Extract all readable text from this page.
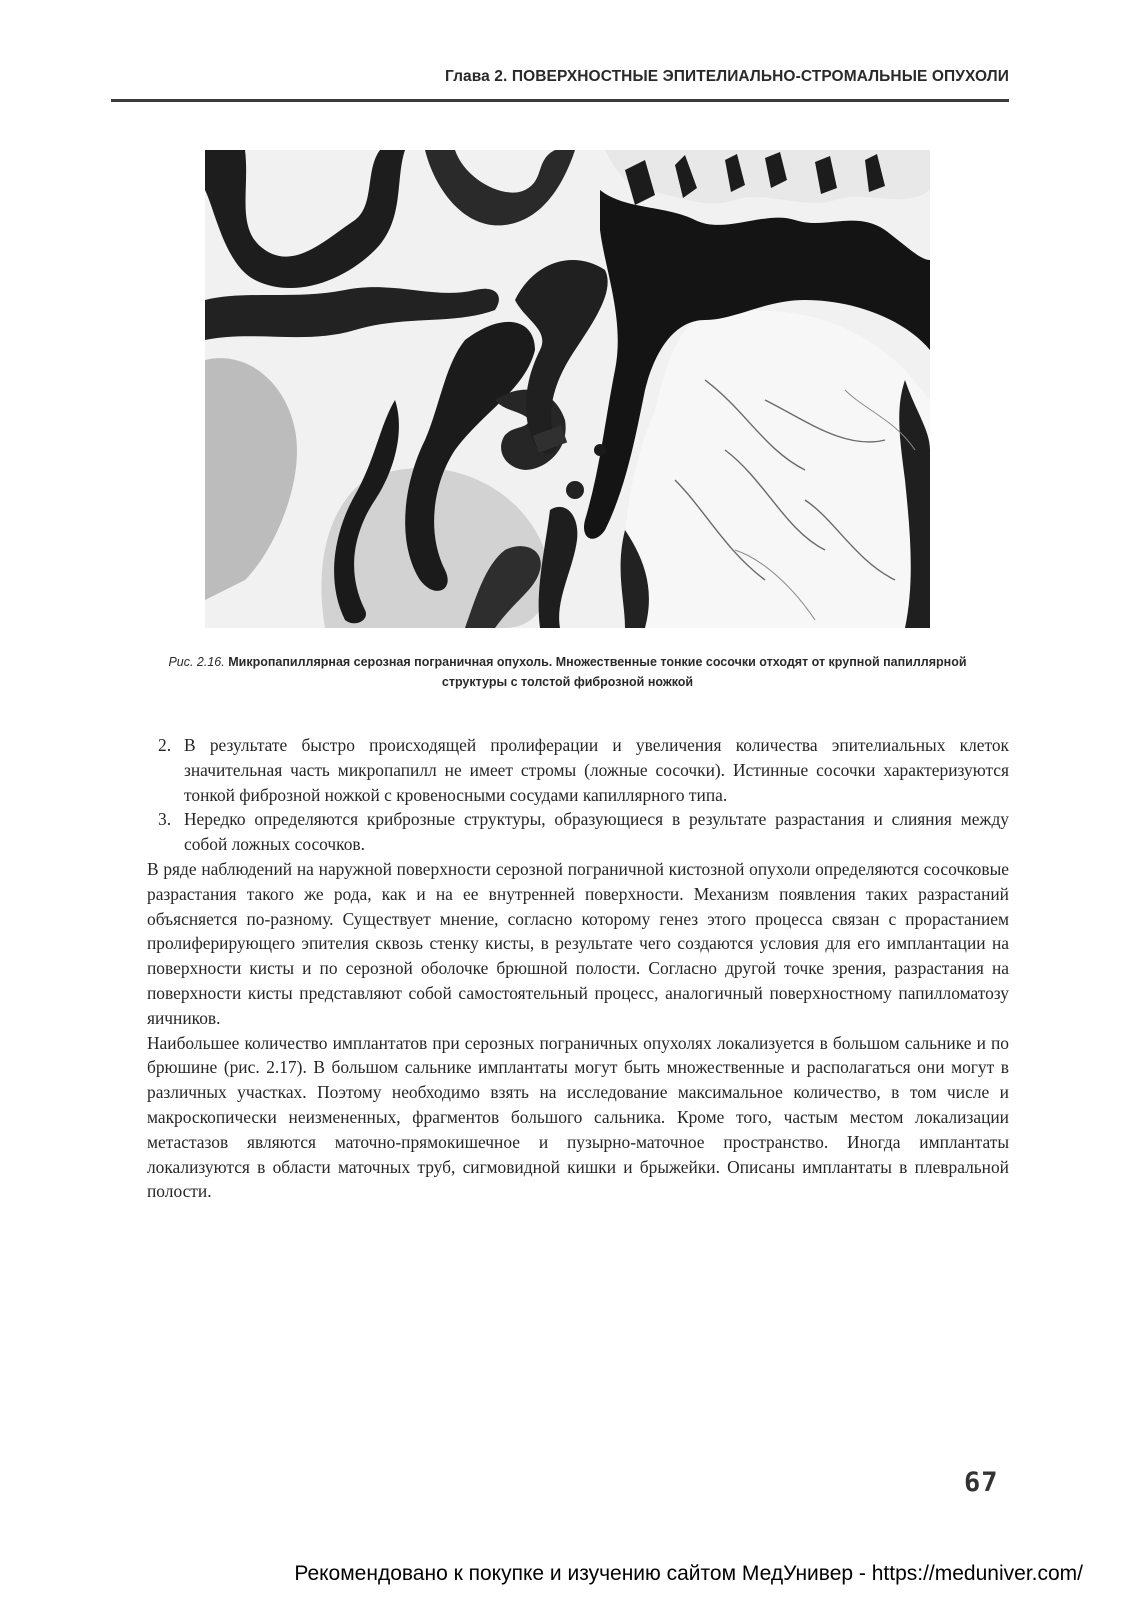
Глава 2. ПОВЕРХНОСТНЫЕ ЭПИТЕЛИАЛЬНО-СТРОМАЛЬНЫЕ ОПУХОЛИ
Рис. 2.16. Микропапиллярная серозная пограничная опухоль. Множественные тонкие сосочки отходят от крупной папиллярной структуры с толстой фиброзной ножкой
2. В результате быстро происходящей пролиферации и увеличения количества эпителиальных клеток значительная часть микропапилл не имеет стромы (ложные сосочки). Истинные сосочки характеризуются тонкой фиброзной ножкой с кровеносными сосудами капиллярного типа.
3. Нередко определяются криброзные структуры, образующиеся в результате разрастания и слияния между собой ложных сосочков.

В ряде наблюдений на наружной поверхности серозной пограничной кистозной опухоли определяются сосочковые разрастания такого же рода, как и на ее внутренней поверхности. Механизм появления таких разрастаний объясняется по-разному. Существует мнение, согласно которому генез этого процесса связан с прорастанием пролиферирующего эпителия сквозь стенку кисты, в результате чего создаются условия для его имплантации на поверхности кисты и по серозной оболочке брюшной полости. Согласно другой точке зрения, разрастания на поверхности кисты представляют собой самостоятельный процесс, аналогичный поверхностному папилломатозу яичников.

Наибольшее количество имплантатов при серозных пограничных опухолях локализуется в большом сальнике и по брюшине (рис. 2.17). В большом сальнике имплантаты могут быть множественные и располагаться они могут в различных участках. Поэтому необходимо взять на исследование максимальное количество, в том числе и макроскопически неизмененных, фрагментов большого сальника. Кроме того, частым местом локализации метастазов являются маточно-прямокишечное и пузырно-маточное пространство. Иногда имплантаты локализуются в области маточных труб, сигмовидной кишки и брыжейки. Описаны имплантаты в плевральной полости.

67
Рекомендовано к покупке и изучению сайтом МедУнивер - https://meduniver.com/
